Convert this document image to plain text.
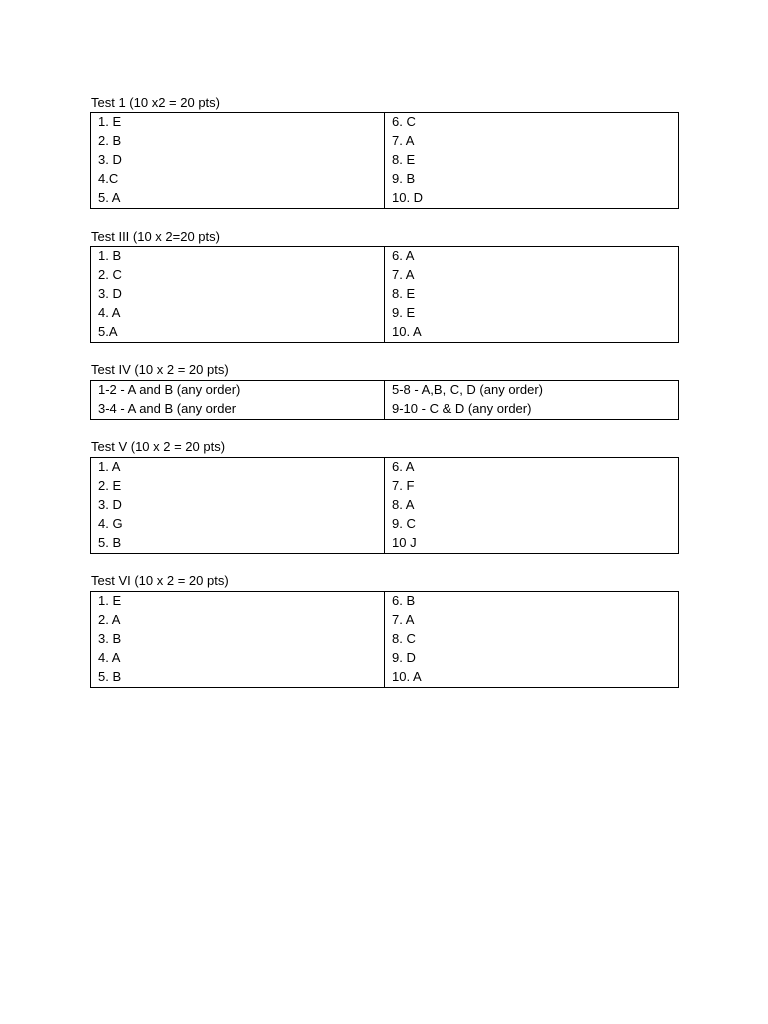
Test 1 (10 x2 = 20 pts)
1. E	6. C
2. B	7. A
3. D	8. E
4.C	9. B
5. A	10. D
Test III (10 x 2=20 pts)
1. B	6. A
2. C	7. A
3. D	8. E
4. A	9. E
5.A	10. A
Test IV (10 x 2 = 20 pts)
1-2 - A and B (any order)	5-8 - A,B, C, D (any order)
3-4 - A and B (any order	9-10 - C & D (any order)
Test V (10 x 2 = 20 pts)
1. A	6. A
2. E	7. F
3. D	8. A
4. G	9. C
5. B	10 J
Test VI (10 x 2 = 20 pts)
1. E	6. B
2. A	7. A
3. B	8. C
4. A	9. D
5. B	10. A
